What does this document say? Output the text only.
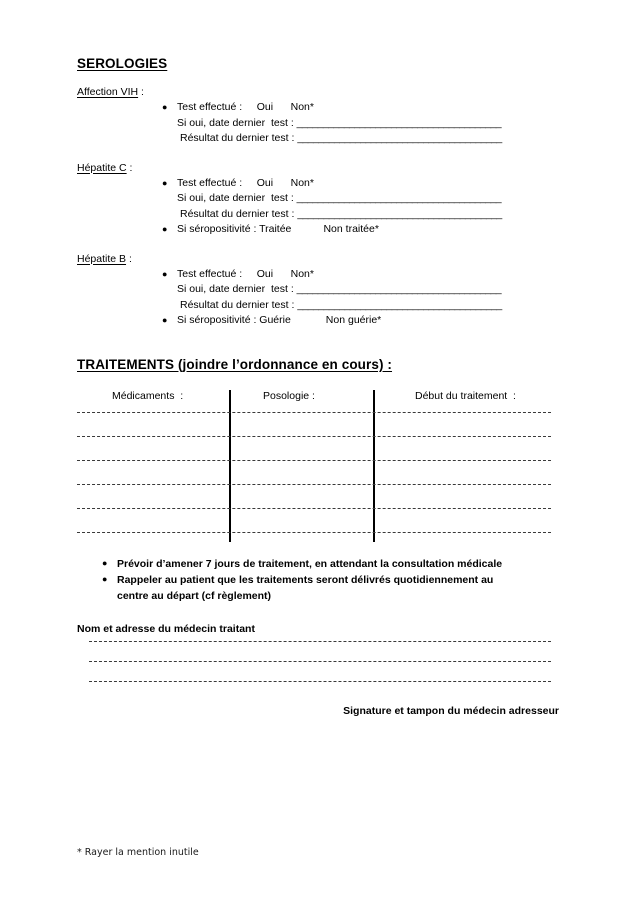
SEROLOGIES
Affection VIH :
● Test effectué :     Oui      Non*
Si oui, date dernier  test : _______________________________________
Résultat du dernier test : _______________________________________
Hépatite C :
● Test effectué :     Oui      Non*
Si oui, date dernier  test : _______________________________________
Résultat du dernier test : _______________________________________
● Si séropositivité : Traitée           Non traitée*
Hépatite B :
● Test effectué :     Oui      Non*
Si oui, date dernier  test : _______________________________________
Résultat du dernier test : _______________________________________
● Si séropositivité : Guérie            Non guérie*
TRAITEMENTS (joindre l’ordonnance en cours) :
Médicaments  :	Posologie :	Début du traitement  :
● Prévoir d’amener 7 jours de traitement, en attendant la consultation médicale
● Rappeler au patient que les traitements seront délivrés quotidiennement au
centre au départ (cf règlement)
Nom et adresse du médecin traitant
Signature et tampon du médecin adresseur
* Rayer la mention inutile
